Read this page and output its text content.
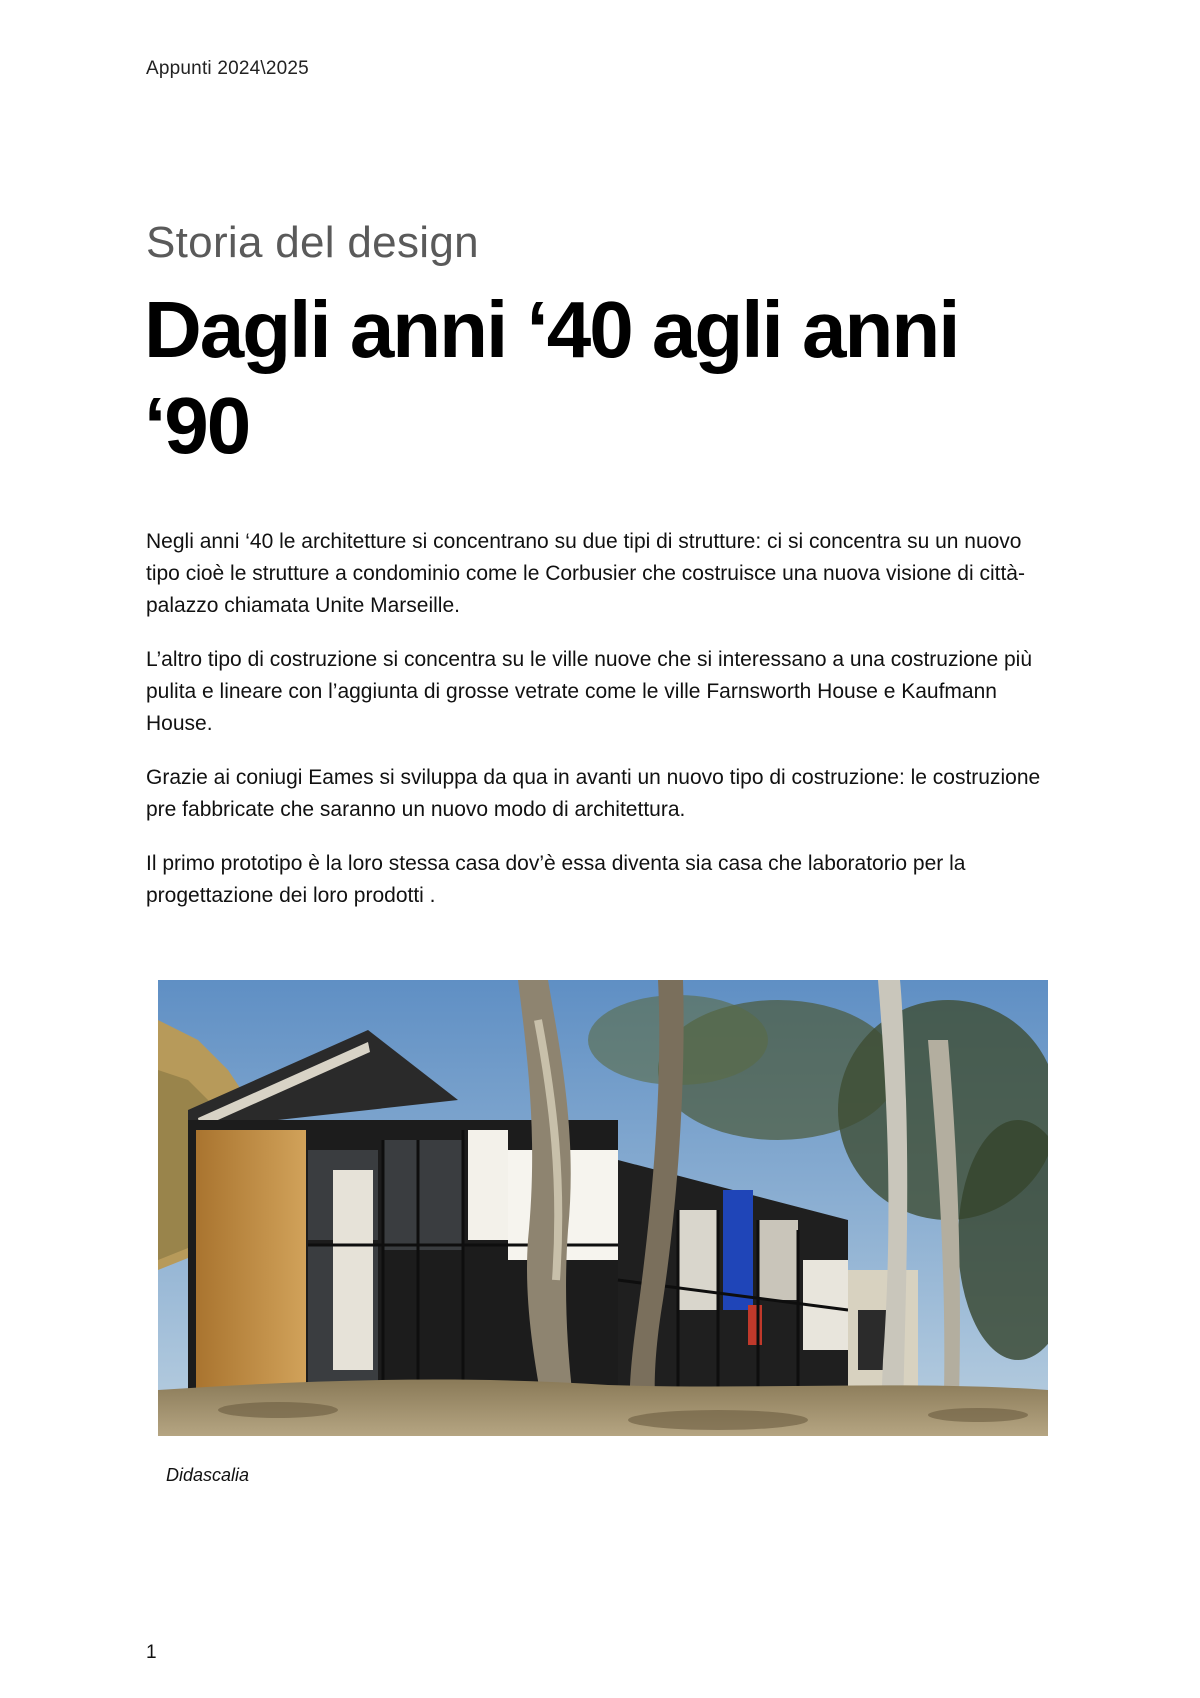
Appunti 2024\2025
Storia del design
Dagli anni ‘40 agli anni ‘90

Negli anni ‘40 le architetture si concentrano su due tipi di strutture: ci si concentra su un nuovo tipo cioè le strutture a condominio come le Corbusier che costruisce una nuova visione di città-palazzo chiamata Unite Marseille.

L’altro tipo di costruzione si concentra su le ville nuove che si interessano a una costruzione più pulita e lineare con l’aggiunta di grosse vetrate come le ville Farnsworth House e Kaufmann House.

Grazie ai coniugi Eames si sviluppa da qua in avanti un nuovo tipo di costruzione: le costruzione pre fabbricate che saranno un nuovo modo di architettura.

Il primo prototipo è la loro stessa casa dov’è essa diventa sia casa che laboratorio per la progettazione dei loro prodotti .

Didascalia
1
